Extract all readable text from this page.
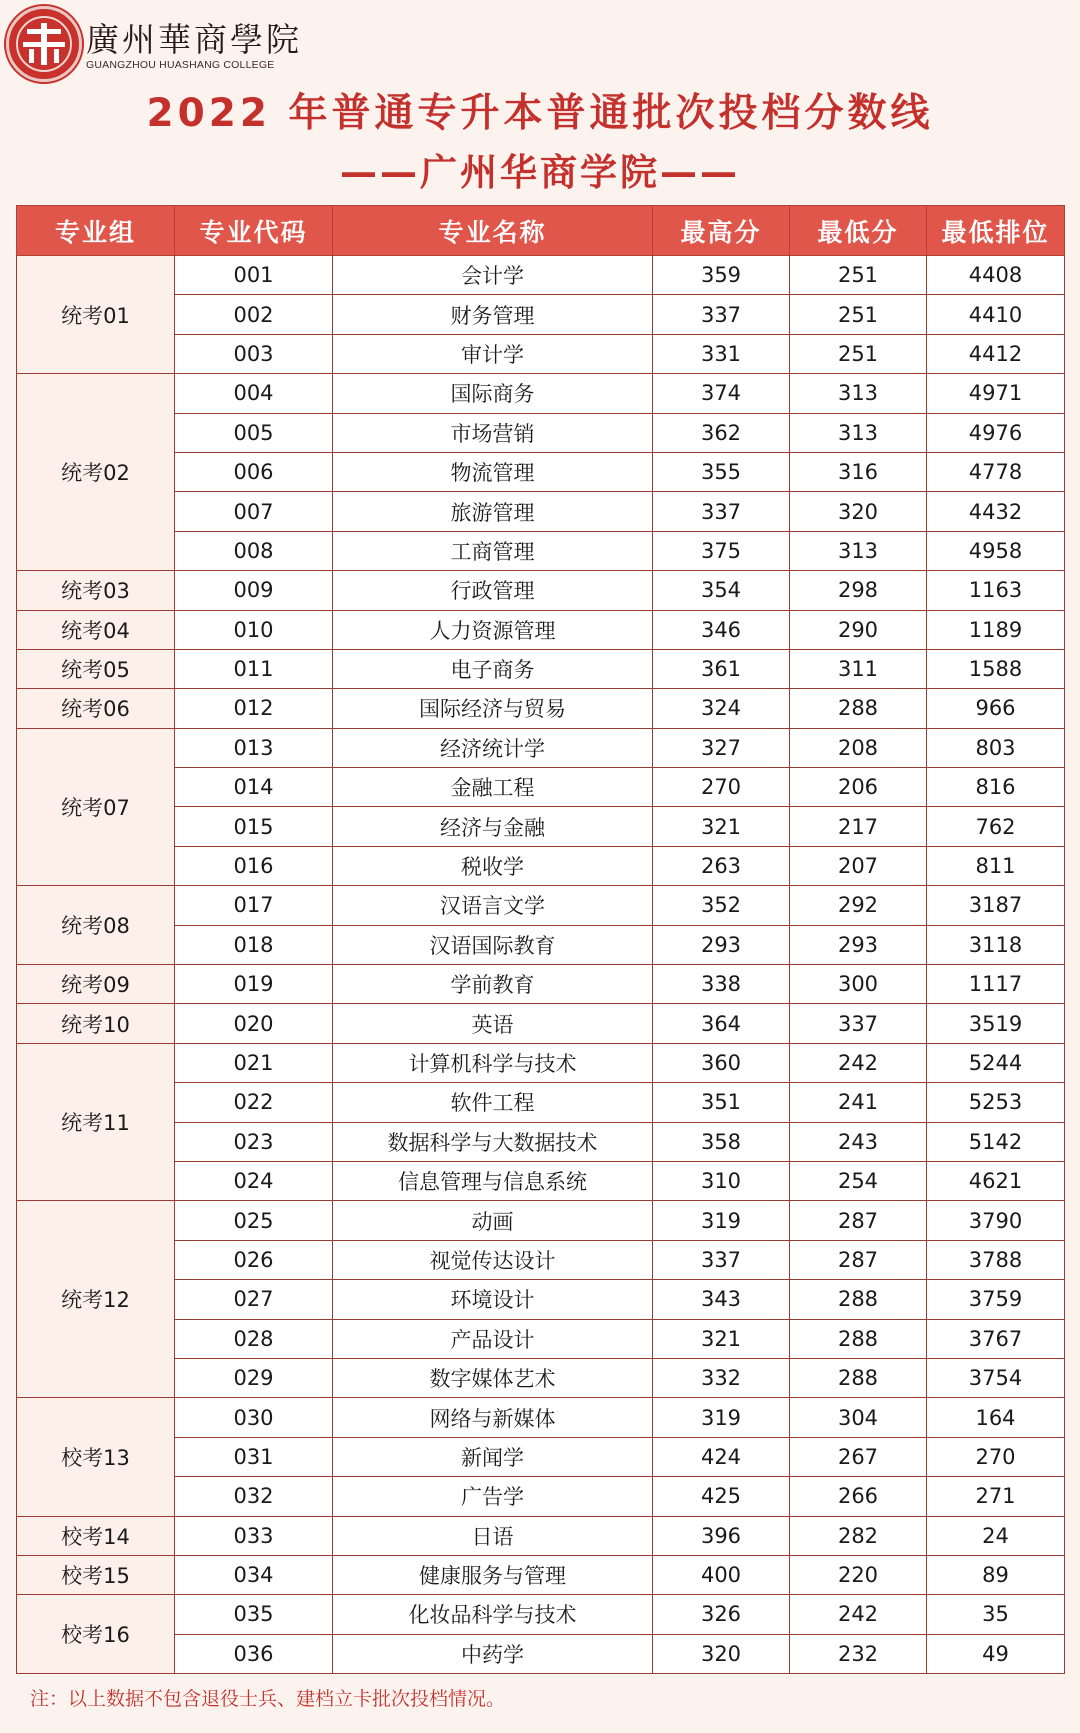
廣州華商學院
GUANGZHOU HUASHANG COLLEGE
2022 年普通专升本普通批次投档分数线
——广州华商学院——
专业组	专业代码	专业名称	最高分	最低分	最低排位
统考01	001	会计学	359	251	4408
	002	财务管理	337	251	4410
	003	审计学	331	251	4412
统考02	004	国际商务	374	313	4971
	005	市场营销	362	313	4976
	006	物流管理	355	316	4778
	007	旅游管理	337	320	4432
	008	工商管理	375	313	4958
统考03	009	行政管理	354	298	1163
统考04	010	人力资源管理	346	290	1189
统考05	011	电子商务	361	311	1588
统考06	012	国际经济与贸易	324	288	966
统考07	013	经济统计学	327	208	803
	014	金融工程	270	206	816
	015	经济与金融	321	217	762
	016	税收学	263	207	811
统考08	017	汉语言文学	352	292	3187
	018	汉语国际教育	293	293	3118
统考09	019	学前教育	338	300	1117
统考10	020	英语	364	337	3519
统考11	021	计算机科学与技术	360	242	5244
	022	软件工程	351	241	5253
	023	数据科学与大数据技术	358	243	5142
	024	信息管理与信息系统	310	254	4621
统考12	025	动画	319	287	3790
	026	视觉传达设计	337	287	3788
	027	环境设计	343	288	3759
	028	产品设计	321	288	3767
	029	数字媒体艺术	332	288	3754
校考13	030	网络与新媒体	319	304	164
	031	新闻学	424	267	270
	032	广告学	425	266	271
校考14	033	日语	396	282	24
校考15	034	健康服务与管理	400	220	89
校考16	035	化妆品科学与技术	326	242	35
	036	中药学	320	232	49
注：以上数据不包含退役士兵、建档立卡批次投档情况。
